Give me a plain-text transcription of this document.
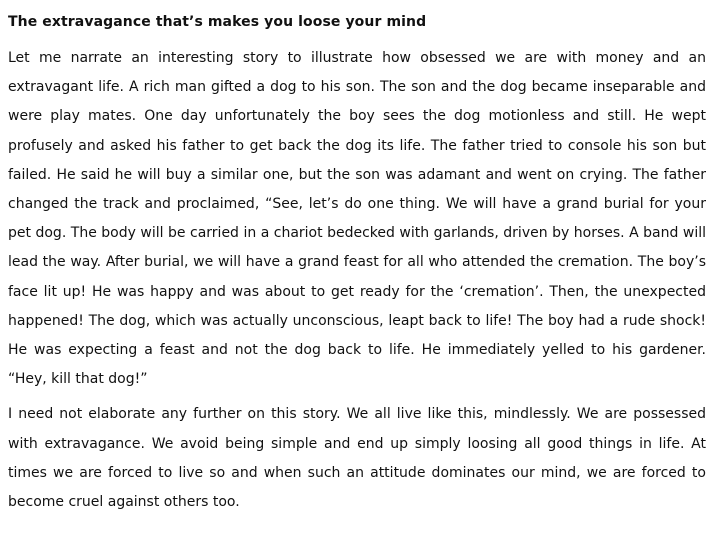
The extravagance that’s makes you loose your mind

Let me narrate an interesting story to illustrate how obsessed we are with money and an extravagant life. A rich man gifted a dog to his son. The son and the dog became inseparable and were play mates. One day unfortunately the boy sees the dog motionless and still. He wept profusely and asked his father to get back the dog its life. The father tried to console his son but failed. He said he will buy a similar one, but the son was adamant and went on crying. The father changed the track and proclaimed, “See, let’s do one thing. We will have a grand burial for your pet dog. The body will be carried in a chariot bedecked with garlands, driven by horses. A band will lead the way. After burial, we will have a grand feast for all who attended the cremation. The boy’s face lit up! He was happy and was about to get ready for the ‘cremation’. Then, the unexpected happened! The dog, which was actually unconscious, leapt back to life! The boy had a rude shock! He was expecting a feast and not the dog back to life. He immediately yelled to his gardener. “Hey, kill that dog!”

I need not elaborate any further on this story. We all live like this, mindlessly. We are possessed with extravagance. We avoid being simple and end up simply loosing all good things in life. At times we are forced to live so and when such an attitude dominates our mind, we are forced to become cruel against others too.
